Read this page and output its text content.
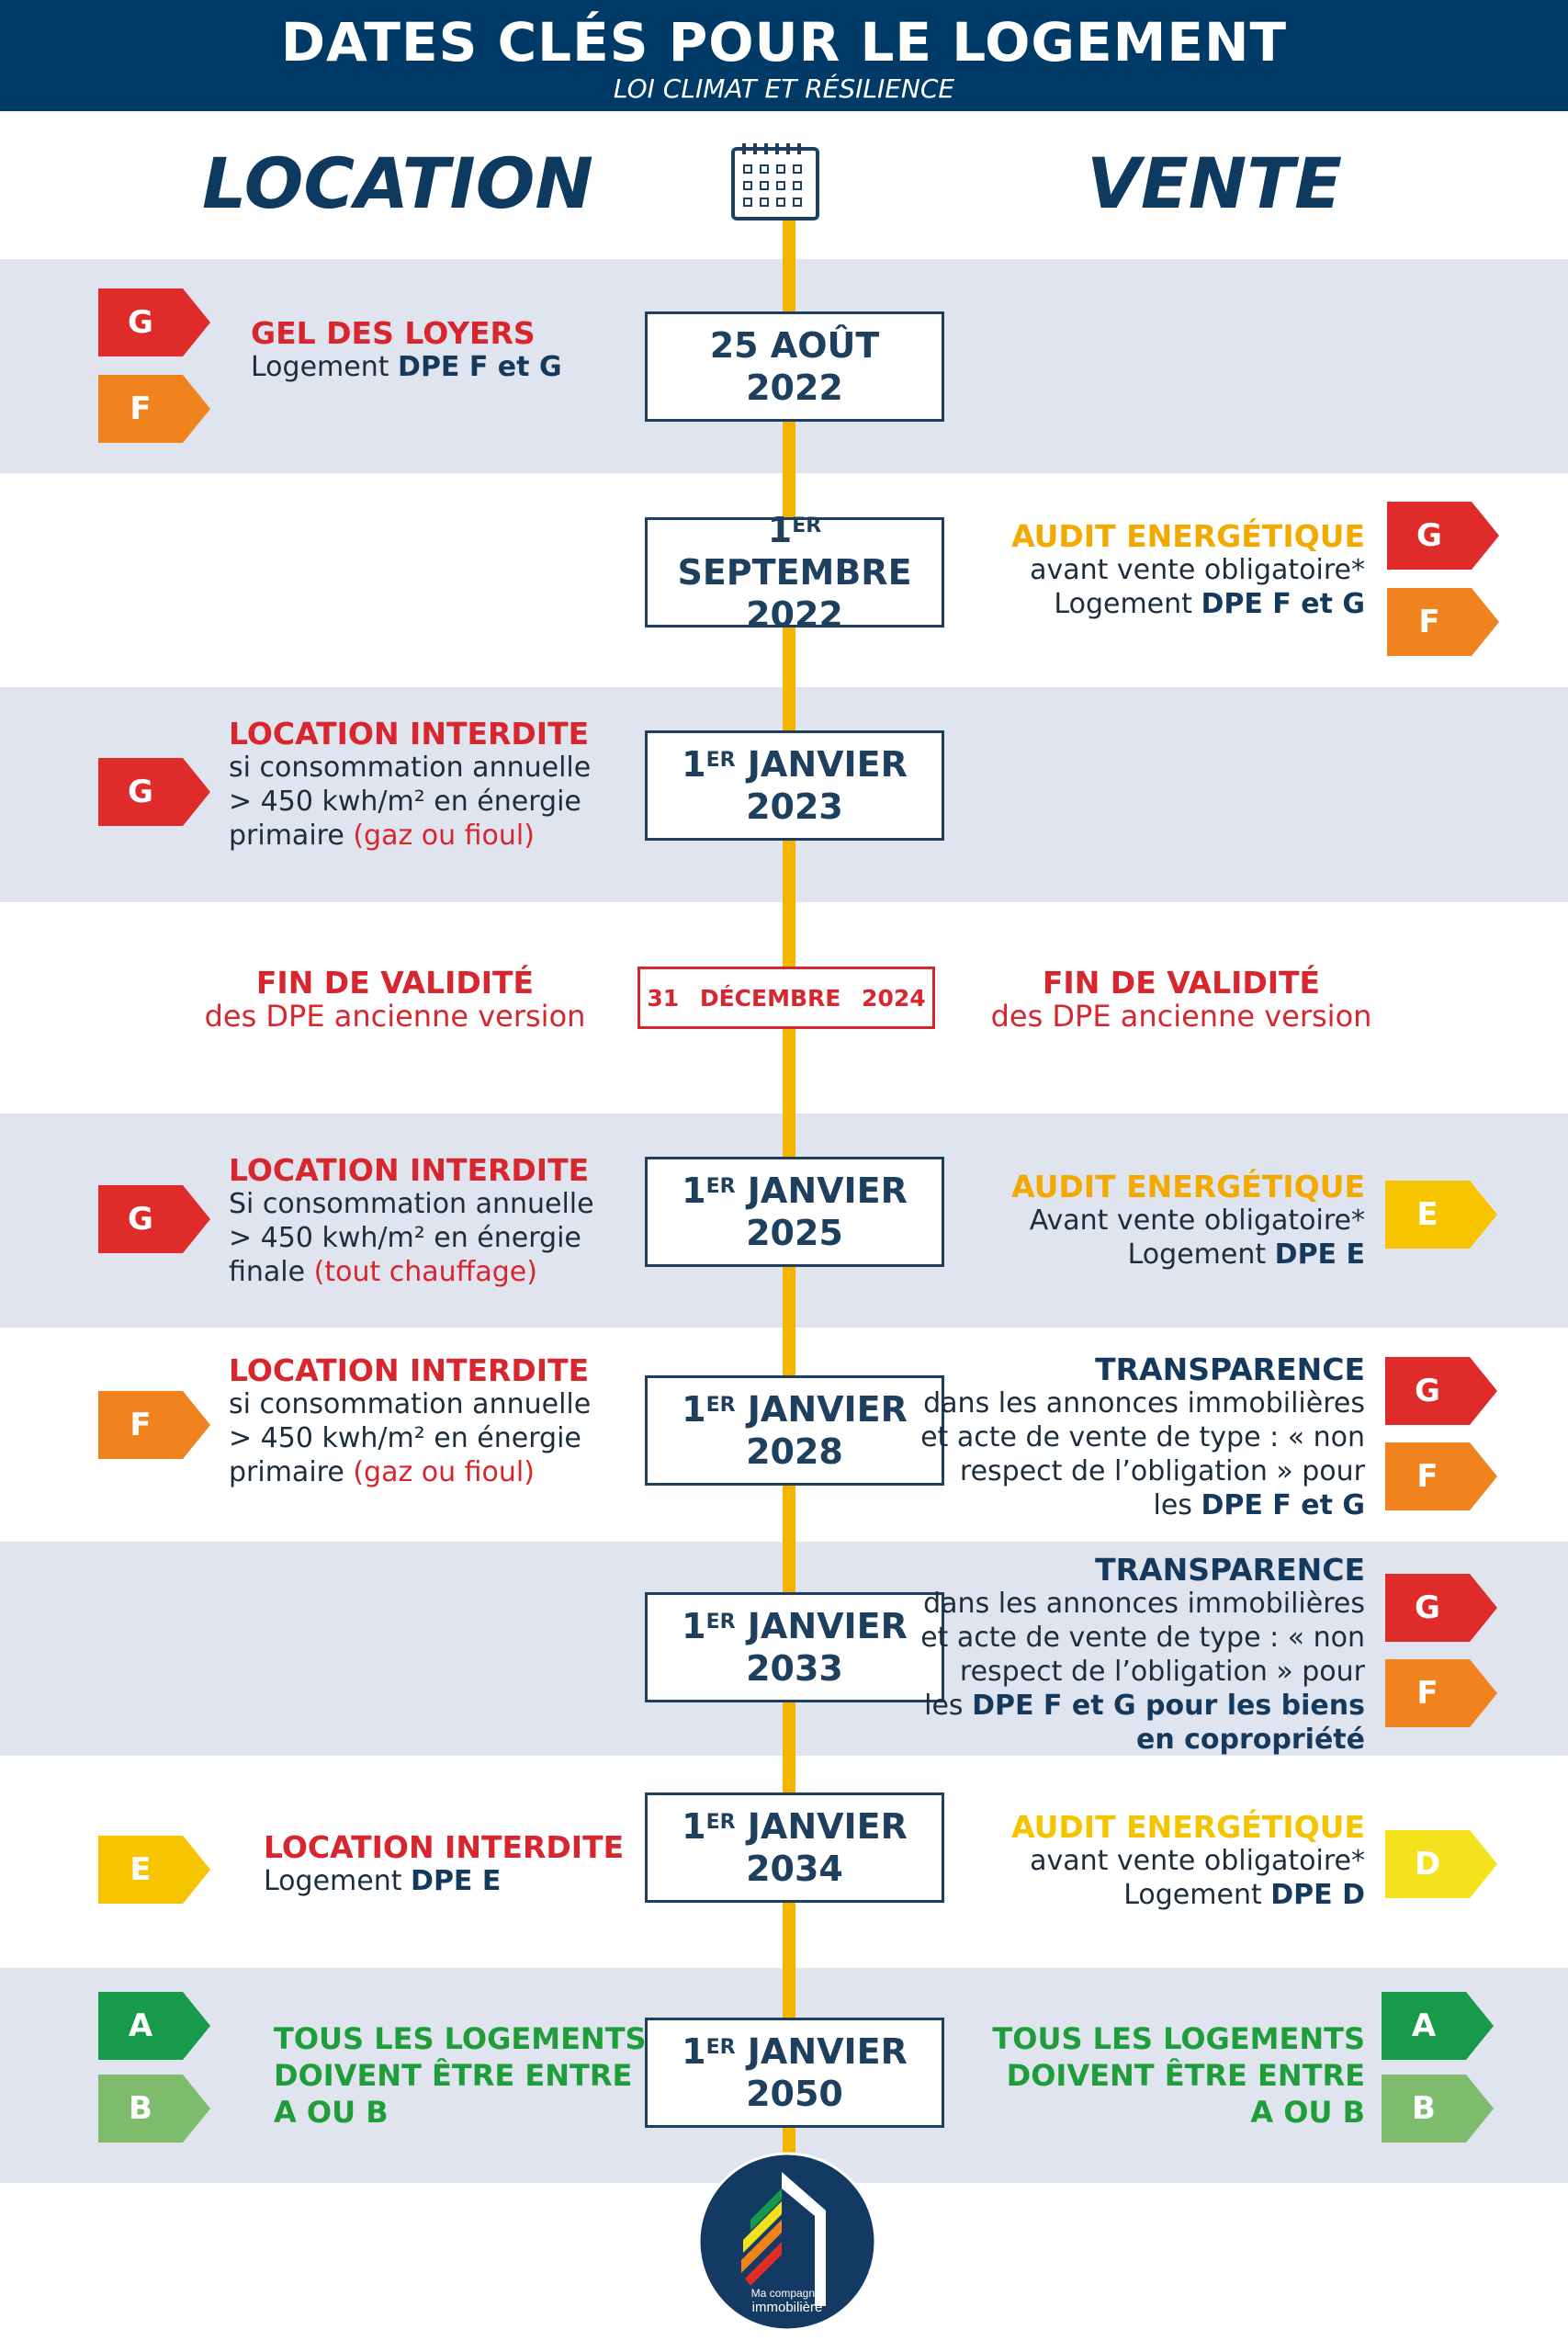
DATES CLÉS POUR LE LOGEMENT
LOI CLIMAT ET RÉSILIENCE
LOCATION	VENTE
25 AOÛT
2022
1ER SEPTEMBRE
2022
1ER JANVIER
2023
31 DÉCEMBRE 2024
1ER JANVIER
2025
1ER JANVIER
2028
1ER JANVIER
2033
1ER JANVIER
2034
1ER JANVIER
2050
G
F
GEL DES LOYERS
Logement DPE F et G
G
LOCATION INTERDITE
si consommation annuelle
> 450 kwh/m² en énergie
primaire (gaz ou fioul)
FIN DE VALIDITÉ
des DPE ancienne version
G
LOCATION INTERDITE
Si consommation annuelle
> 450 kwh/m² en énergie
finale (tout chauffage)
F
LOCATION INTERDITE
si consommation annuelle
> 450 kwh/m² en énergie
primaire (gaz ou fioul)
E
LOCATION INTERDITE
Logement DPE E
A
B
TOUS LES LOGEMENTS
DOIVENT ÊTRE ENTRE
A OU B
G
F
AUDIT ENERGÉTIQUE
avant vente obligatoire*
Logement DPE F et G
FIN DE VALIDITÉ
des DPE ancienne version
E
AUDIT ENERGÉTIQUE
Avant vente obligatoire*
Logement DPE E
G
F
TRANSPARENCE
dans les annonces immobilières
et acte de vente de type : « non
respect de l’obligation » pour
les DPE F et G
G
F
TRANSPARENCE
dans les annonces immobilières
et acte de vente de type : « non
respect de l’obligation » pour
les DPE F et G pour les biens
en copropriété
D
AUDIT ENERGÉTIQUE
avant vente obligatoire*
Logement DPE D
A
B
TOUS LES LOGEMENTS
DOIVENT ÊTRE ENTRE
A OU B
Ma compagnie
immobilière
